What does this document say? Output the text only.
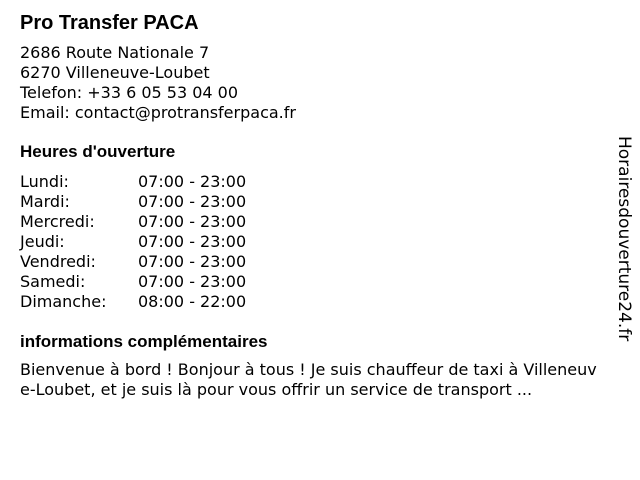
Pro Transfer PACA
2686 Route Nationale 7
6270 Villeneuve-Loubet
Telefon: +33 6 05 53 04 00
Email: contact@protransferpaca.fr
Heures d'ouverture
Lundi:	07:00 - 23:00
Mardi:	07:00 - 23:00
Mercredi:	07:00 - 23:00
Jeudi:	07:00 - 23:00
Vendredi:	07:00 - 23:00
Samedi:	07:00 - 23:00
Dimanche:	08:00 - 22:00
informations complémentaires
Bienvenue à bord ! Bonjour à tous ! Je suis chauffeur de taxi à Villeneuve-Loubet, et je suis là pour vous offrir un service de transport ...
Horairesdouverture24.fr
